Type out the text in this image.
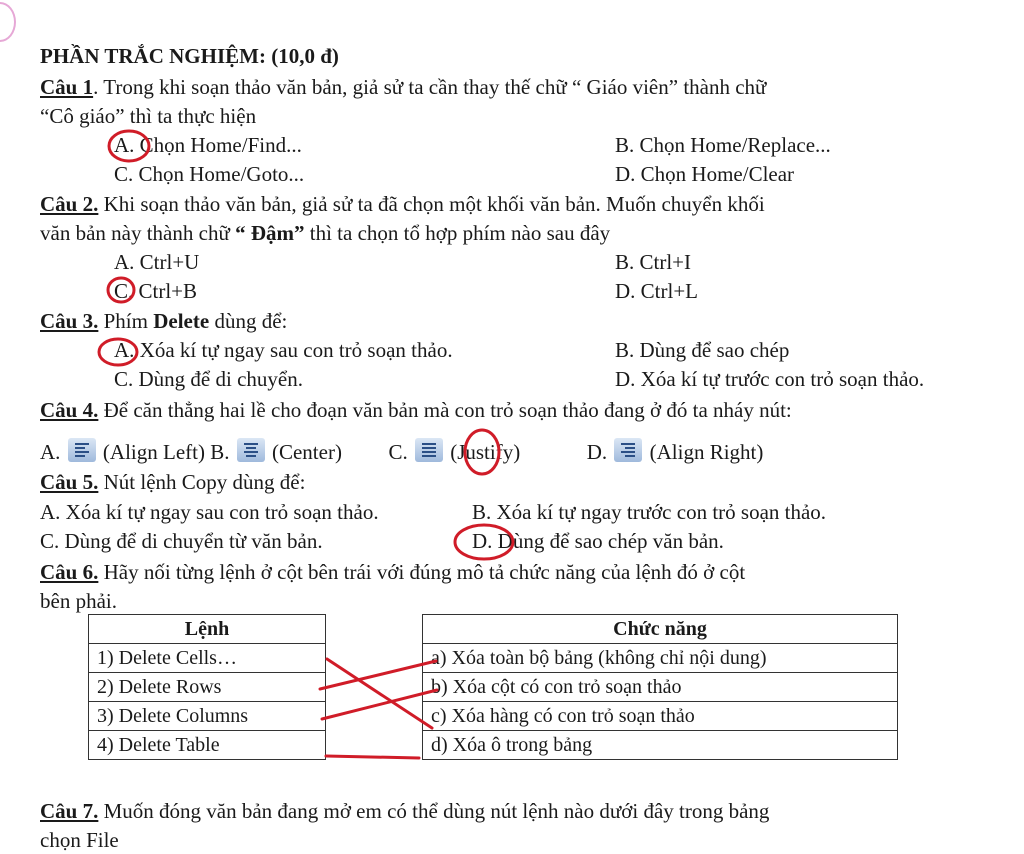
PHẦN TRẮC NGHIỆM: (10,0 đ)
Câu 1. Trong khi soạn thảo văn bản, giả sử ta cần thay thế chữ “ Giáo viên” thành chữ
“Cô giáo” thì ta thực hiện
A. Chọn Home/Find...	B. Chọn Home/Replace...
C. Chọn Home/Goto...	D. Chọn Home/Clear
Câu 2. Khi soạn thảo văn bản, giả sử ta đã chọn một khối văn bản. Muốn chuyển khối
văn bản này thành chữ “ Đậm” thì ta chọn tổ hợp phím nào sau đây
A. Ctrl+U	B. Ctrl+I
C. Ctrl+B	D. Ctrl+L
Câu 3. Phím Delete dùng để:
A. Xóa kí tự ngay sau con trỏ soạn thảo.	B. Dùng để sao chép
C. Dùng để di chuyển.	D. Xóa kí tự trước con trỏ soạn thảo.
Câu 4. Để căn thẳng hai lề cho đoạn văn bản mà con trỏ soạn thảo đang ở đó ta nháy nút:
A. (Align Left) B. (Center) C. (Justify)	D. (Align Right)
Câu 5. Nút lệnh Copy dùng để:
A. Xóa kí tự ngay sau con trỏ soạn thảo.	B. Xóa kí tự ngay trước con trỏ soạn thảo.
C. Dùng để di chuyển từ văn bản.	D. Dùng để sao chép văn bản.
Câu 6. Hãy nối từng lệnh ở cột bên trái với đúng mô tả chức năng của lệnh đó ở cột
bên phải.
Lệnh
1) Delete Cells…
2) Delete Rows
3) Delete Columns
4) Delete Table
Chức năng
a) Xóa toàn bộ bảng (không chỉ nội dung)
b) Xóa cột có con trỏ soạn thảo
c) Xóa hàng có con trỏ soạn thảo
d) Xóa ô trong bảng
Câu 7. Muốn đóng văn bản đang mở em có thể dùng nút lệnh nào dưới đây trong bảng
chọn File
